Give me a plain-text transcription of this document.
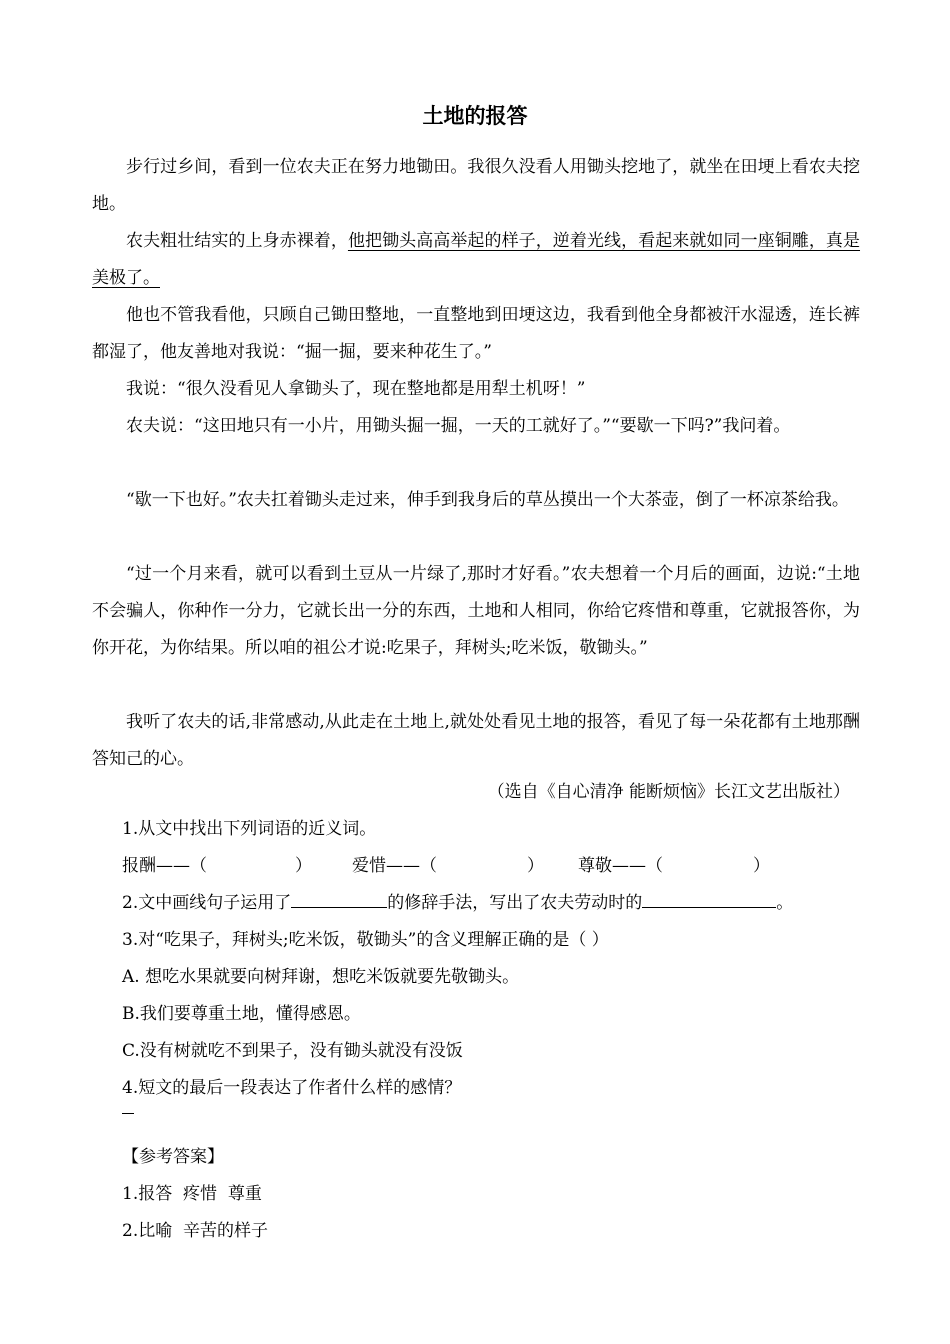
土地的报答

步行过乡间，看到一位农夫正在努力地锄田。我很久没看人用锄头挖地了，就坐在田埂上看农夫挖地。

农夫粗壮结实的上身赤裸着，他把锄头高高举起的样子，逆着光线，看起来就如同一座铜雕，真是美极了。

他也不管我看他，只顾自己锄田整地，一直整地到田埂这边，我看到他全身都被汗水湿透，连长裤都湿了，他友善地对我说：“掘一掘，要来种花生了。”

我说：“很久没看见人拿锄头了，现在整地都是用犁土机呀！”

农夫说：“这田地只有一小片，用锄头掘一掘，一天的工就好了。”“要歇一下吗?”我问着。

“歇一下也好。”农夫扛着锄头走过来，伸手到我身后的草丛摸出一个大茶壶，倒了一杯凉茶给我。

“过一个月来看，就可以看到土豆从一片绿了,那时才好看。”农夫想着一个月后的画面，边说:“土地不会骗人，你种作一分力，它就长出一分的东西，土地和人相同，你给它疼惜和尊重，它就报答你，为你开花，为你结果。所以咱的祖公才说:吃果子，拜树头;吃米饭，敬锄头。”

我听了农夫的话,非常感动,从此走在土地上,就处处看见土地的报答，看见了每一朵花都有土地那酬答知己的心。

（选自《自心清净 能断烦恼》长江文艺出版社）
1.从文中找出下列词语的近义词。
报酬——（	） 爱惜——（	） 尊敬——（	）
2.文中画线句子运用了	的修辞手法，写出了农夫劳动时的	。
3.对“吃果子，拜树头;吃米饭，敬锄头”的含义理解正确的是（ ）
A. 想吃水果就要向树拜谢，想吃米饭就要先敬锄头。
B.我们要尊重土地，懂得感恩。
C.没有树就吃不到果子，没有锄头就没有没饭
4.短文的最后一段表达了作者什么样的感情？
【参考答案】
1.报答  疼惜  尊重
2.比喻  辛苦的样子
